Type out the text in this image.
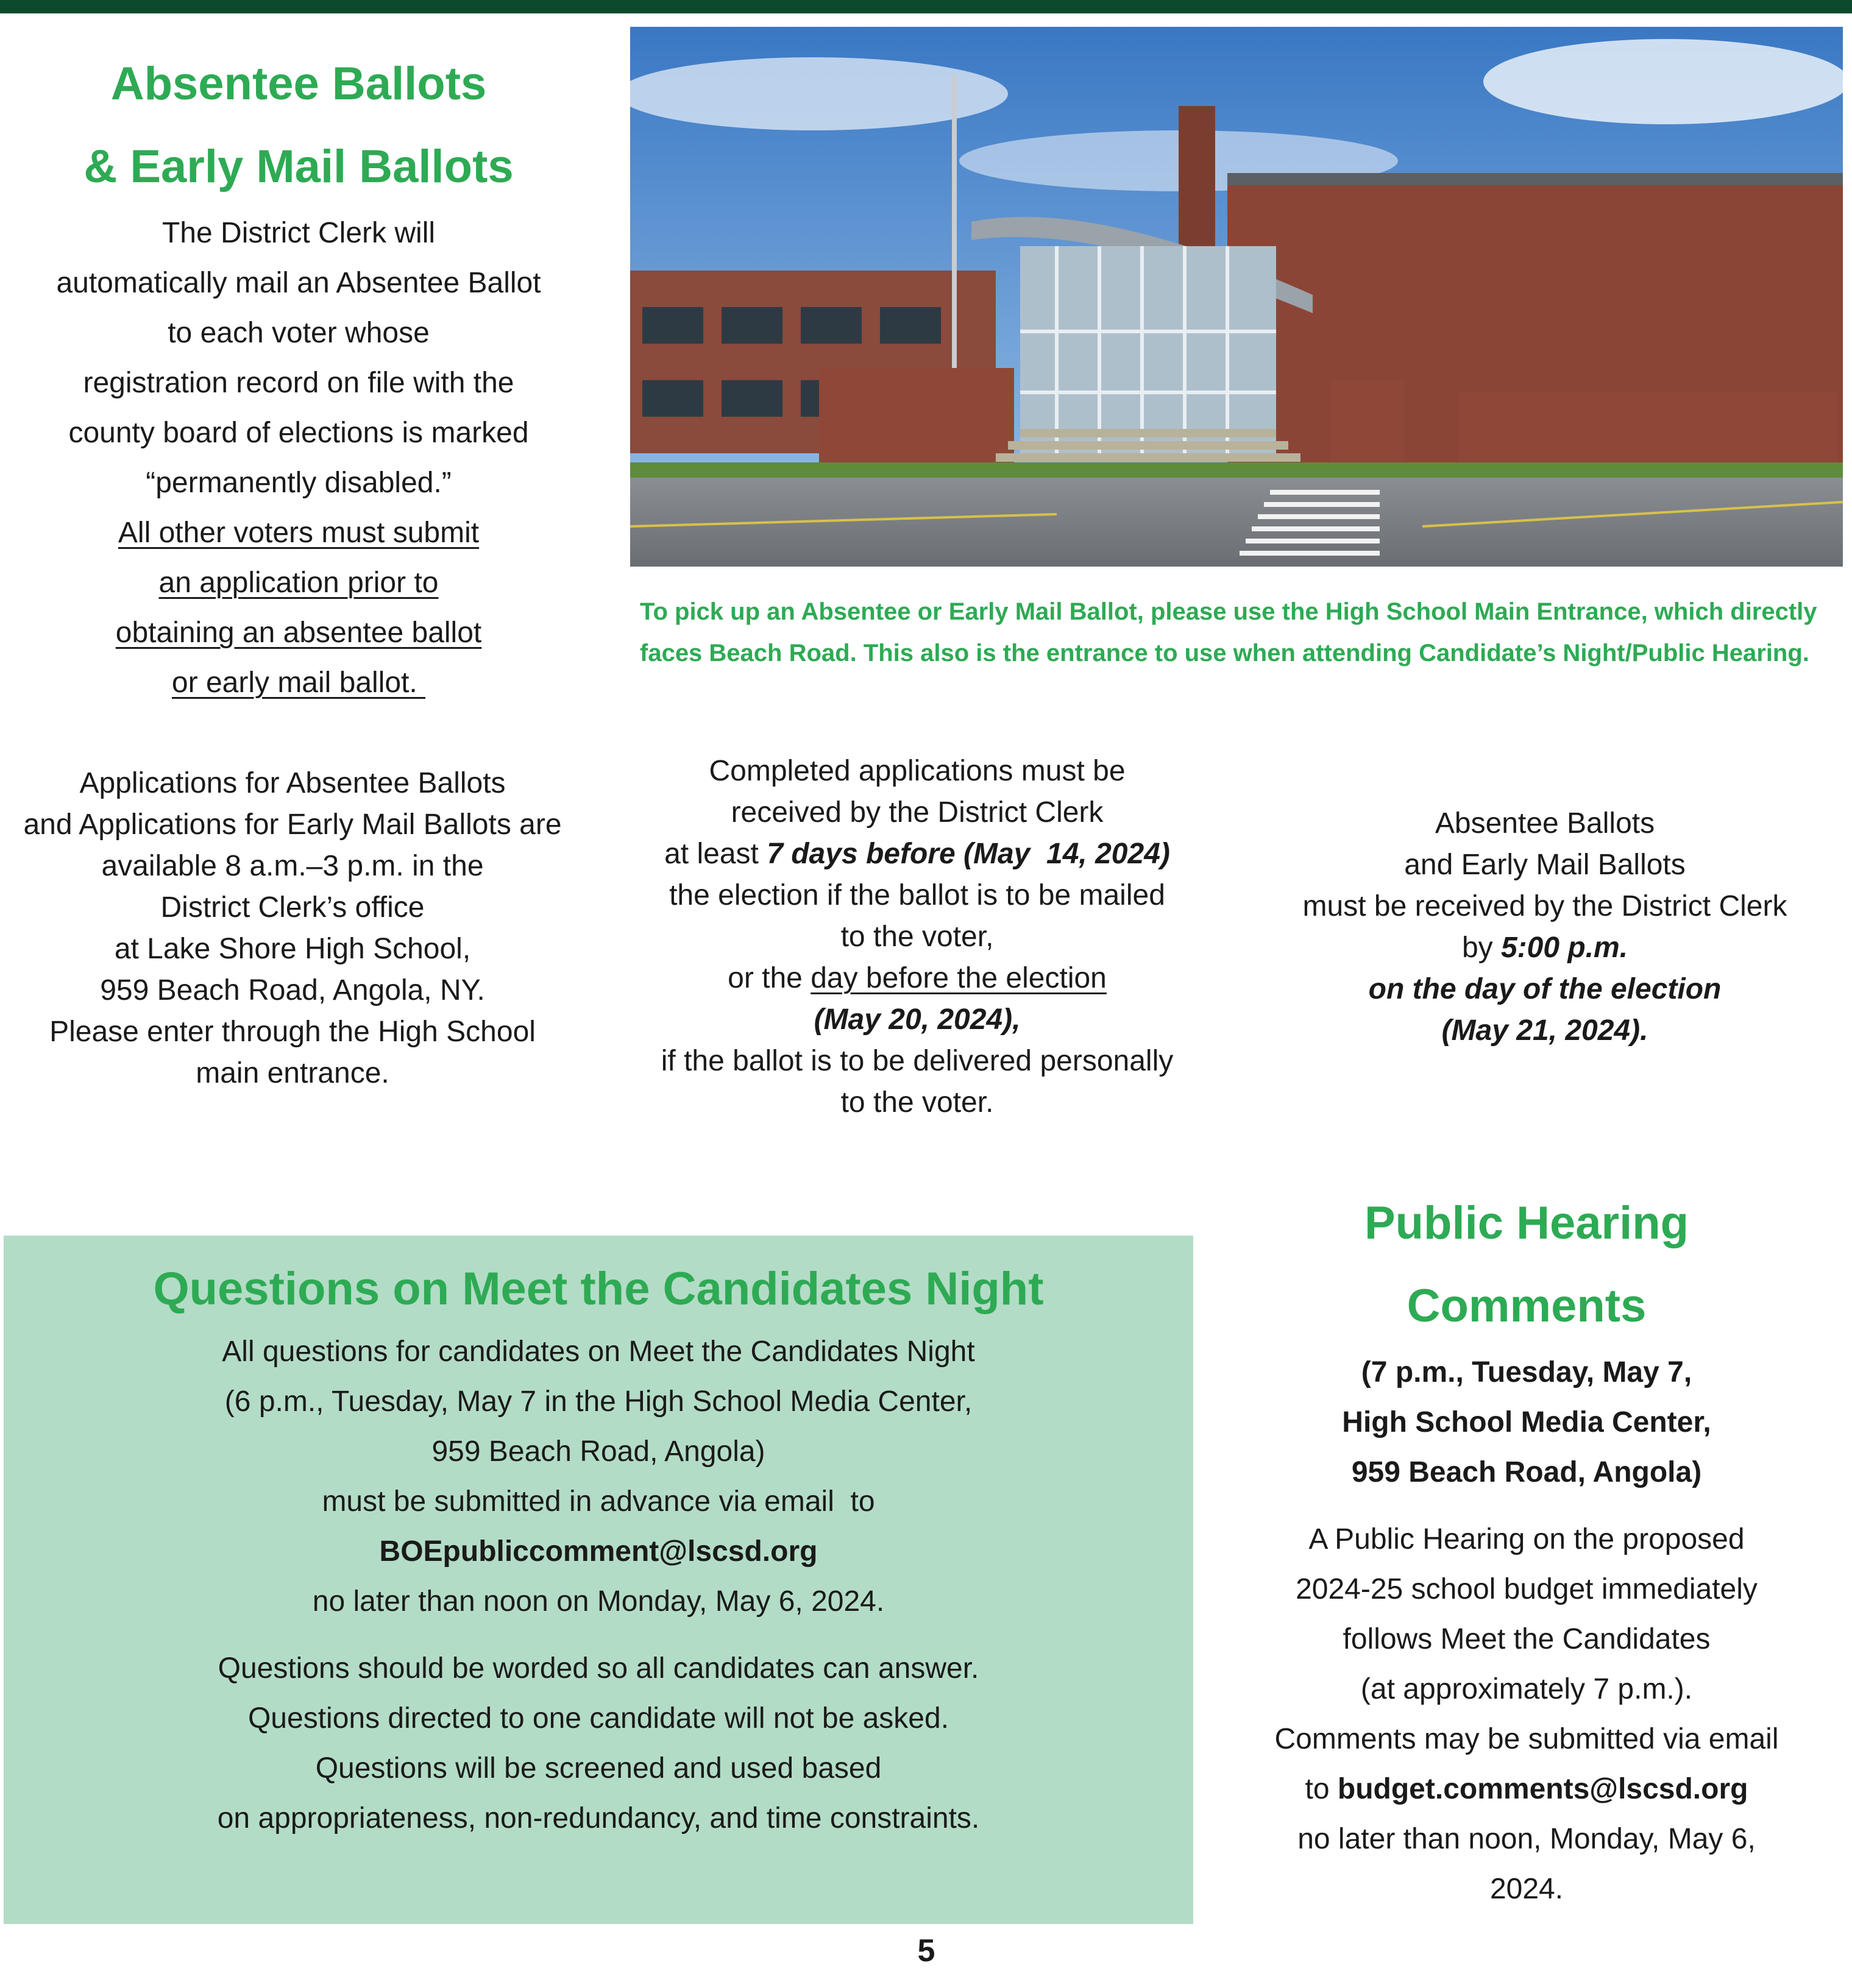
Absentee Ballots
& Early Mail Ballots
The District Clerk will
automatically mail an Absentee Ballot
to each voter whose
registration record on file with the
county board of elections is marked
“permanently disabled.”
All other voters must submit
an application prior to
obtaining an absentee ballot
or early mail ballot.
To pick up an Absentee or Early Mail Ballot, please use the High School Main Entrance, which directly
faces Beach Road. This also is the entrance to use when attending Candidate’s Night/Public Hearing.
Applications for Absentee Ballots
and Applications for Early Mail Ballots are
available 8 a.m.–3 p.m. in the
District Clerk’s office
at Lake Shore High School,
959 Beach Road, Angola, NY.
Please enter through the High School
main entrance.
Completed applications must be
received by the District Clerk
at least 7 days before (May  14, 2024)
the election if the ballot is to be mailed
to the voter,
or the day before the election
(May 20, 2024),
if the ballot is to be delivered personally
to the voter.
Absentee Ballots
and Early Mail Ballots
must be received by the District Clerk
by 5:00 p.m.
on the day of the election
(May 21, 2024).
Questions on Meet the Candidates Night
All questions for candidates on Meet the Candidates Night
(6 p.m., Tuesday, May 7 in the High School Media Center,
959 Beach Road, Angola)
must be submitted in advance via email  to
BOEpubliccomment@lscsd.org
no later than noon on Monday, May 6, 2024.
Questions should be worded so all candidates can answer.
Questions directed to one candidate will not be asked.
Questions will be screened and used based
on appropriateness, non-redundancy, and time constraints.
Public Hearing
Comments
(7 p.m., Tuesday, May 7,
High School Media Center,
959 Beach Road, Angola)
A Public Hearing on the proposed
2024-25 school budget immediately
follows Meet the Candidates
(at approximately 7 p.m.).
Comments may be submitted via email
to budget.comments@lscsd.org
no later than noon, Monday, May 6,
2024.
5
